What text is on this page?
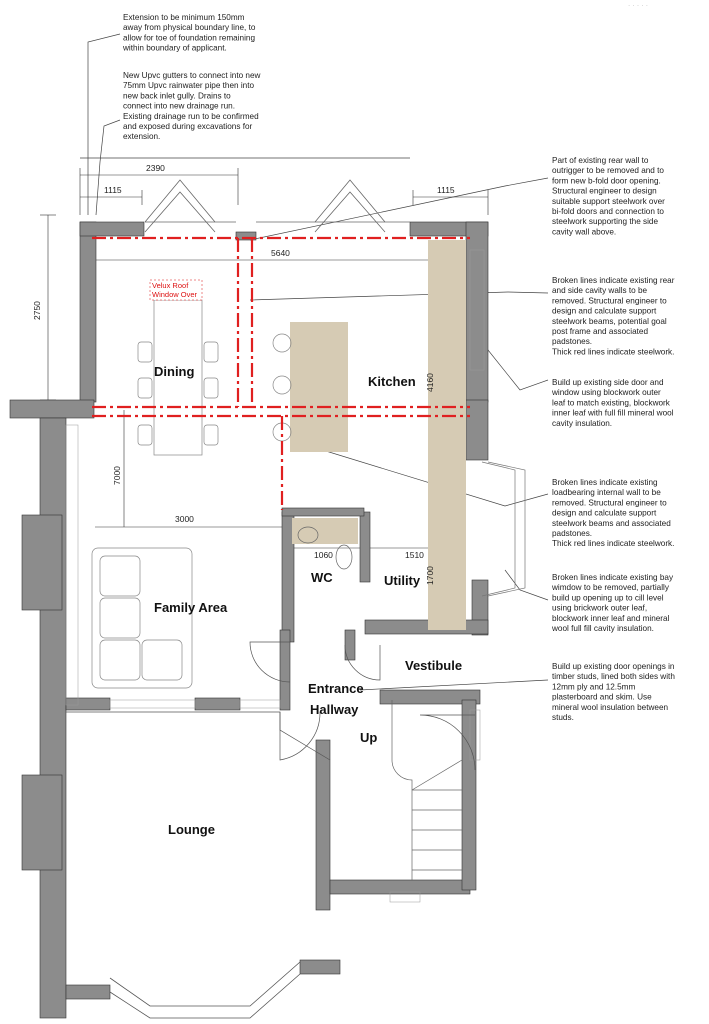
. . . . .
Extension to be minimum 150mm away from physical boundary line, to allow for toe of foundation remaining within boundary of applicant.
New Upvc gutters to connect into new 75mm Upvc rainwater pipe then into new back inlet gully. Drains to connect into new drainage run. Existing drainage run to be confirmed and exposed during excavations for extension.
Part of existing rear wall to outrigger to be removed and to form new b-fold door opening. Structural engineer to design suitable support steelwork over bi-fold doors and connection to steelwork supporting the side cavity wall above.
Broken lines indicate existing rear and side cavity walls to be removed. Structural engineer to design and calculate support steelwork beams, potential goal post frame and associated padstones. Thick red lines indicate steelwork.
Build up existing side door and window using blockwork outer leaf to match existing, blockwork inner leaf with full fill mineral wool cavity insulation.
Broken lines indicate existing loadbearing internal wall to be removed. Structural engineer to design and calculate support steelwork beams and associated padstones. Thick red lines indicate steelwork.
Broken lines indicate existing bay wimdow to be removed, partially build up opening up to cill level using brickwork outer leaf, blockwork inner leaf and mineral wool full fill cavity insulation.
Build up existing door openings in timber studs, lined both sides with 12mm ply and 12.5mm plasterboard and skim. Use mineral wool insulation between studs.
Dining
Kitchen
Family Area
WC	Utility
Vestibule
Entrance
Hallway
Up
Lounge
Velux Roof
Window Over
2390
1115	1115
5640
3000
1060	1510
2750
7000
4160
1700
